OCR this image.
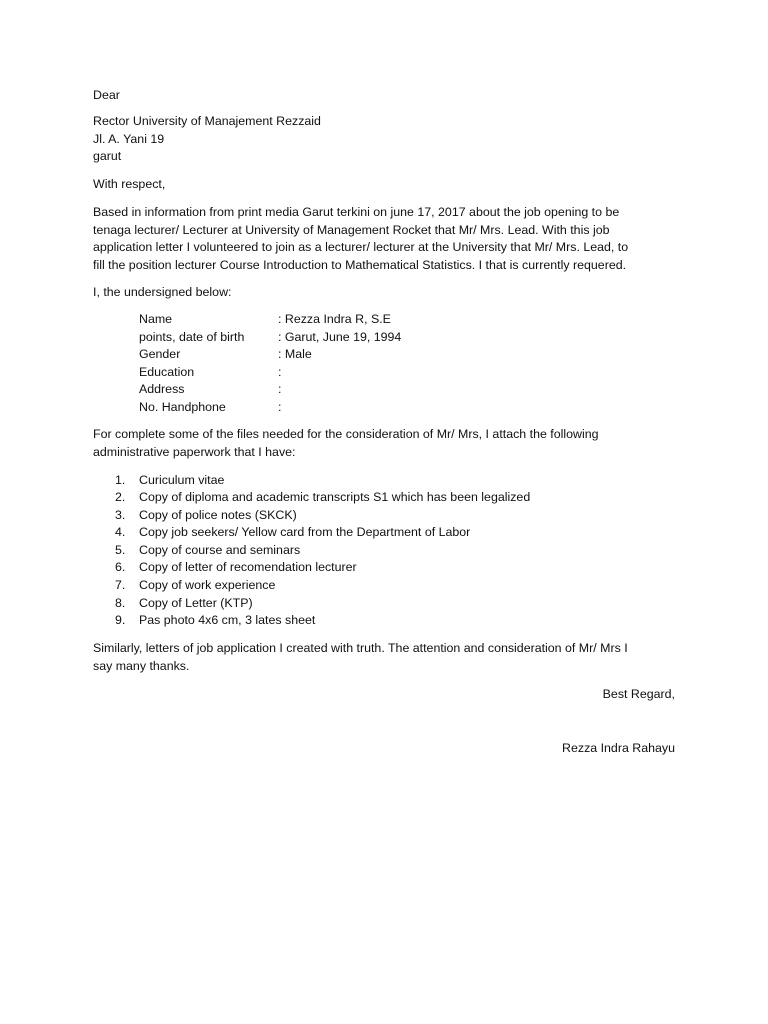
Dear
Rector University of Manajement Rezzaid
Jl. A. Yani 19
garut
With respect,
Based in information from print media Garut terkini on june 17, 2017 about the job opening to be
tenaga lecturer/ Lecturer at University of Management Rocket that Mr/ Mrs. Lead. With this job
application letter I volunteered to join as a lecturer/ lecturer at the University that Mr/ Mrs. Lead, to
fill the position lecturer Course Introduction to Mathematical Statistics. I that is currently requered.
I, the undersigned below:
Name	: Rezza Indra R, S.E
points, date of birth	: Garut, June 19, 1994
Gender	: Male
Education	:
Address	:
No. Handphone	:
For complete some of the files needed for the consideration of Mr/ Mrs, I attach the following
administrative paperwork that I have:
1. Curiculum vitae
2. Copy of diploma and academic transcripts S1 which has been legalized
3. Copy of police notes (SKCK)
4. Copy job seekers/ Yellow card from the Department of Labor
5. Copy of course and seminars
6. Copy of letter of recomendation lecturer
7. Copy of work experience
8. Copy of Letter (KTP)
9. Pas photo 4x6 cm, 3 lates sheet
Similarly, letters of job application I created with truth. The attention and consideration of Mr/ Mrs I
say many thanks.
Best Regard,
Rezza Indra Rahayu
